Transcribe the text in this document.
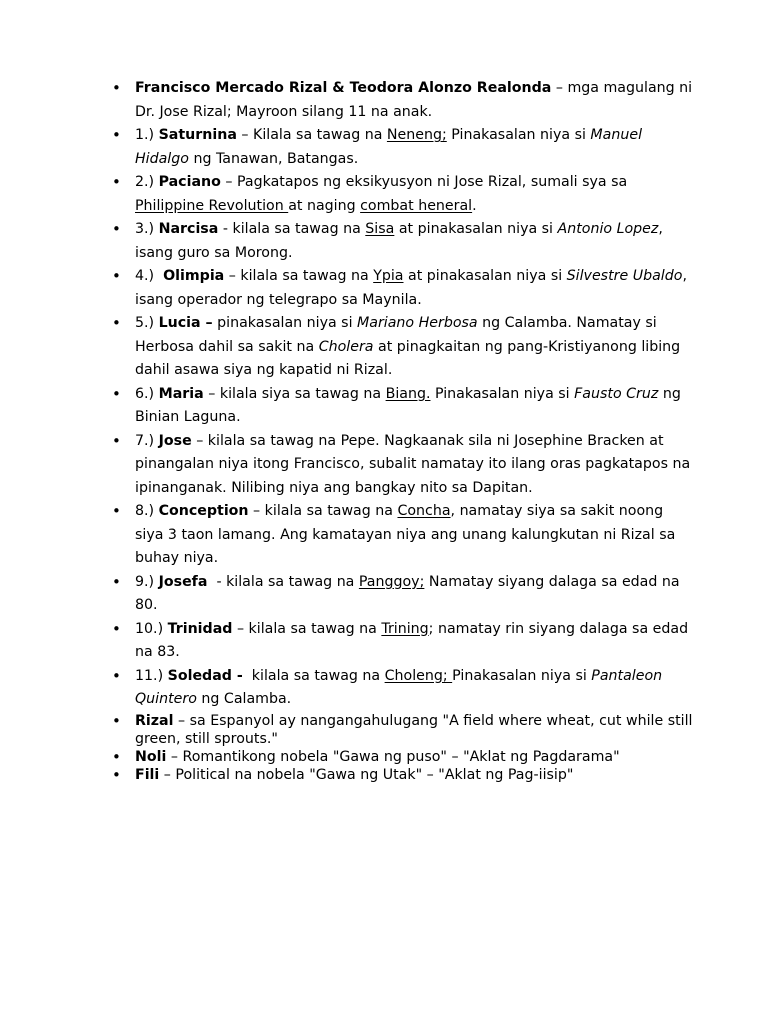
• Francisco Mercado Rizal & Teodora Alonzo Realonda – mga magulang ni Dr. Jose Rizal; Mayroon silang 11 na anak.
• 1.) Saturnina – Kilala sa tawag na Neneng; Pinakasalan niya si Manuel Hidalgo ng Tanawan, Batangas.
• 2.) Paciano – Pagkatapos ng eksikyusyon ni Jose Rizal, sumali sya sa Philippine Revolution at naging combat heneral.
• 3.) Narcisa - kilala sa tawag na Sisa at pinakasalan niya si Antonio Lopez, isang guro sa Morong.
• 4.)  Olimpia – kilala sa tawag na Ypia at pinakasalan niya si Silvestre Ubaldo, isang operador ng telegrapo sa Maynila.
• 5.) Lucia – pinakasalan niya si Mariano Herbosa ng Calamba. Namatay si Herbosa dahil sa sakit na Cholera at pinagkaitan ng pang-Kristiyanong libing dahil asawa siya ng kapatid ni Rizal.
• 6.) Maria – kilala siya sa tawag na Biang. Pinakasalan niya si Fausto Cruz ng Binian Laguna.
• 7.) Jose – kilala sa tawag na Pepe. Nagkaanak sila ni Josephine Bracken at pinangalan niya itong Francisco, subalit namatay ito ilang oras pagkatapos na ipinanganak. Nilibing niya ang bangkay nito sa Dapitan.
• 8.) Conception – kilala sa tawag na Concha, namatay siya sa sakit noong siya 3 taon lamang. Ang kamatayan niya ang unang kalungkutan ni Rizal sa buhay niya.
• 9.) Josefa  - kilala sa tawag na Panggoy; Namatay siyang dalaga sa edad na 80.
• 10.) Trinidad – kilala sa tawag na Trining; namatay rin siyang dalaga sa edad na 83.
• 11.) Soledad -  kilala sa tawag na Choleng; Pinakasalan niya si Pantaleon Quintero ng Calamba.
• Rizal – sa Espanyol ay nangangahulugang "A field where wheat, cut while still green, still sprouts."
• Noli – Romantikong nobela "Gawa ng puso" – "Aklat ng Pagdarama"
• Fili – Political na nobela "Gawa ng Utak" – "Aklat ng Pag-iisip"
